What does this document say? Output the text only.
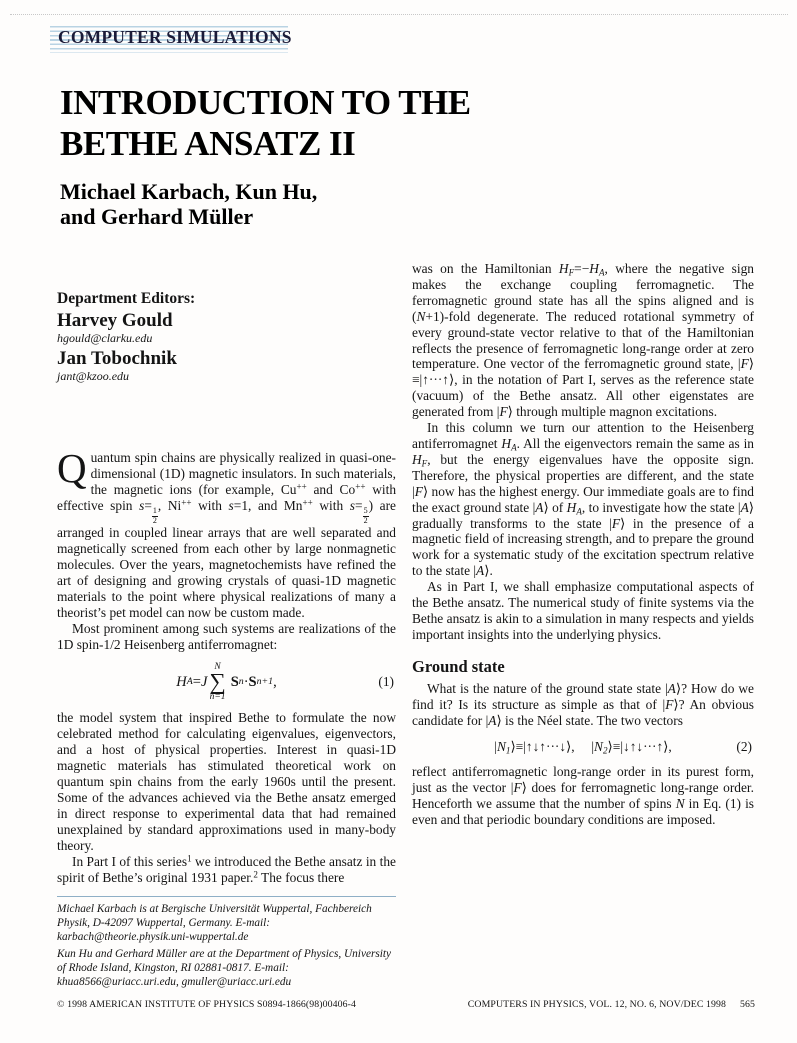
COMPUTER SIMULATIONS
INTRODUCTION TO THE
BETHE ANSATZ II
Michael Karbach, Kun Hu,
and Gerhard Müller
Department Editors:
Harvey Gould
hgould@clarku.edu
Jan Tobochnik
jant@kzoo.edu

Quantum spin chains are physically realized in quasi-one-dimensional (1D) magnetic insulators. In such materials, the magnetic ions (for example, Cu++ and Co++ with effective spin s=
$\frac{1}{2}$
, Ni++ with s=1, and Mn++ with s=
$\frac{5}{2}$
) are arranged in coupled linear arrays that are well separated and magnetically screened from each other by large nonmagnetic molecules. Over the years, magnetochemists have refined the art of designing and growing crystals of quasi-1D magnetic materials to the point where physical realizations of many a theorist’s pet model can now be custom made.

Most prominent among such systems are realizations of the 1D spin-1/2 Heisenberg antiferromagnet:

H A = J
N
∑
n=1

S n · S n+1 ,	(1)

the model system that inspired Bethe to formulate the now celebrated method for calculating eigenvalues, eigenvectors, and a host of physical properties. Interest in quasi-1D magnetic materials has stimulated theoretical work on quantum spin chains from the early 1960s until the present. Some of the advances achieved via the Bethe ansatz emerged in direct response to experimental data that had remained unexplained by standard approximations used in many-body theory.

In Part I of this series$^1$ we introduced the Bethe ansatz in the spirit of Bethe’s original 1931 paper.$^2$ The focus there

Michael Karbach is at Bergische Universität Wuppertal, Fachbereich Physik, D-42097 Wuppertal, Germany. E-mail: karbach@theorie.physik.uni-wuppertal.de

Kun Hu and Gerhard Müller are at the Department of Physics, University of Rhode Island, Kingston, RI 02881-0817. E-mail: khua8566@uriacc.uri.edu, gmuller@uriacc.uri.edu

was on the Hamiltonian $H_F=-H_A$, where the negative sign makes the exchange coupling ferromagnetic. The ferromagnetic ground state has all the spins aligned and is (N+1)-fold degenerate. The reduced rotational symmetry of every ground-state vector relative to that of the Hamiltonian reflects the presence of ferromagnetic long-range order at zero temperature. One vector of the ferromagnetic ground state, |F⟩≡|↑···↑⟩, in the notation of Part I, serves as the reference state (vacuum) of the Bethe ansatz. All other eigenstates are generated from |F⟩ through multiple magnon excitations.

In this column we turn our attention to the Heisenberg antiferromagnet $H_A$. All the eigenvectors remain the same as in $H_F$, but the energy eigenvalues have the opposite sign. Therefore, the physical properties are different, and the state |F⟩ now has the highest energy. Our immediate goals are to find the exact ground state |A⟩ of $H_A$, to investigate how the state |A⟩ gradually transforms to the state |F⟩ in the presence of a magnetic field of increasing strength, and to prepare the ground work for a systematic study of the excitation spectrum relative to the state |A⟩.

As in Part I, we shall emphasize computational aspects of the Bethe ansatz. The numerical study of finite systems via the Bethe ansatz is akin to a simulation in many respects and yields important insights into the underlying physics.

Ground state

What is the nature of the ground state state |A⟩? How do we find it? Is its structure as simple as that of |F⟩? An obvious candidate for |A⟩ is the Néel state. The two vectors

$|N_1⟩\equiv|↑↓↑\cdot\cdot\cdot↓⟩$,  $|N_2⟩\equiv|↓↑↓\cdot\cdot\cdot↑⟩$,	(2)

reflect antiferromagnetic long-range order in its purest form, just as the vector |F⟩ does for ferromagnetic long-range order. Henceforth we assume that the number of spins N in Eq. (1) is even and that periodic boundary conditions are imposed.

© 1998 AMERICAN INSTITUTE OF PHYSICS S0894-1866(98)00406-4	COMPUTERS IN PHYSICS, VOL. 12, NO. 6, NOV/DEC 1998 565
